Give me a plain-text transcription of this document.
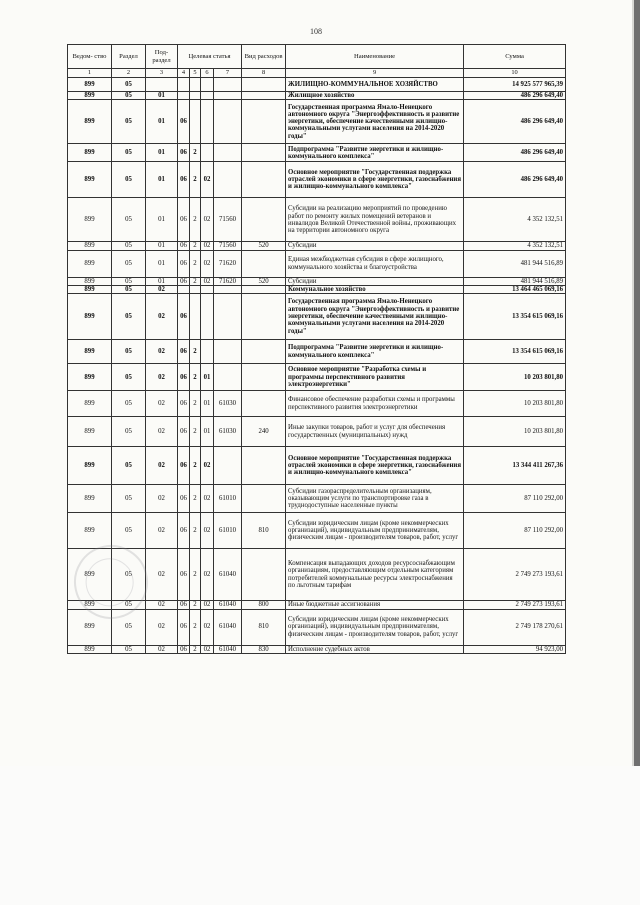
108
Ведом- ство	Раздел	Под- раздел	Целевая статья				Вид расходов	Наименование	Сумма
1	2	3	4	5	6	7	8	9	10
899	05							ЖИЛИЩНО-КОММУНАЛЬНОЕ ХОЗЯЙСТВО	14 925 577 965,39
899	05	01						Жилищное хозяйство	486 296 649,40
899	05	01	06					Государственная программа Ямало-Ненецкого автономного округа "Энергоэффективность и развитие энергетики, обеспечение качественными жилищно-коммунальными услугами населения на 2014-2020 годы"	486 296 649,40
899	05	01	06	2				Подпрограмма "Развитие энергетики и жилищно-коммунального комплекса"	486 296 649,40
899	05	01	06	2	02			Основное мероприятие "Государственная поддержка отраслей экономики в сфере энергетики, газоснабжения и жилищно-коммунального комплекса"	486 296 649,40
899	05	01	06	2	02	71560		Субсидии на реализацию мероприятий по проведению работ по ремонту жилых помещений ветеранов и инвалидов Великой Отечественной войны, проживающих на территории автономного округа	4 352 132,51
899	05	01	06	2	02	71560	520	Субсидии	4 352 132,51
899	05	01	06	2	02	71620		Единая межбюджетная субсидия в сфере жилищного, коммунального хозяйства и благоустройства	481 944 516,89
899	05	01	06	2	02	71620	520	Субсидии	481 944 516,89
899	05	02						Коммунальное хозяйство	13 464 465 069,16
899	05	02	06					Государственная программа Ямало-Ненецкого автономного округа "Энергоэффективность и развитие энергетики, обеспечение качественными жилищно-коммунальными услугами населения на 2014-2020 годы"	13 354 615 069,16
899	05	02	06	2				Подпрограмма "Развитие энергетики и жилищно-коммунального комплекса"	13 354 615 069,16
899	05	02	06	2	01			Основное мероприятие "Разработка схемы и программы перспективного развития электроэнергетики"	10 203 801,80
899	05	02	06	2	01	61030		Финансовое обеспечение разработки схемы и программы перспективного развития электроэнергетики	10 203 801,80
899	05	02	06	2	01	61030	240	Иные закупки товаров, работ и услуг для обеспечения государственных (муниципальных) нужд	10 203 801,80
899	05	02	06	2	02			Основное мероприятие "Государственная поддержка отраслей экономики в сфере энергетики, газоснабжения и жилищно-коммунального комплекса"	13 344 411 267,36
899	05	02	06	2	02	61010		Субсидии газораспределительным организациям, оказывающим услуги по транспортировке газа в труднодоступные населенные пункты	87 110 292,00
899	05	02	06	2	02	61010	810	Субсидии юридическим лицам (кроме некоммерческих организаций), индивидуальным предпринимателям, физическим лицам - производителям товаров, работ, услуг	87 110 292,00
899	05	02	06	2	02	61040		Компенсация выпадающих доходов ресурсоснабжающим организациям, предоставляющим отдельным категориям потребителей коммунальные ресурсы электроснабжения по льготным тарифам	2 749 273 193,61
899	05	02	06	2	02	61040	800	Иные бюджетные ассигнования	2 749 273 193,61
899	05	02	06	2	02	61040	810	Субсидии юридическим лицам (кроме некоммерческих организаций), индивидуальным предпринимателям, физическим лицам - производителям товаров, работ, услуг	2 749 178 270,61
899	05	02	06	2	02	61040	830	Исполнение судебных актов	94 923,00
